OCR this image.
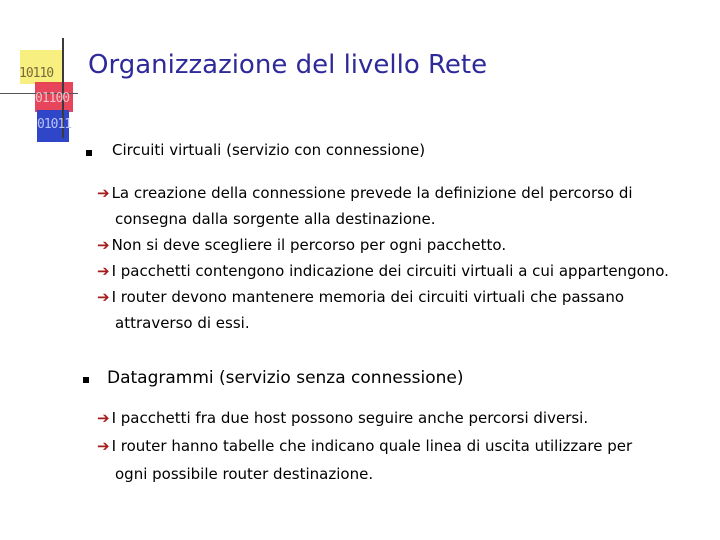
10110
01100
01011
Organizzazione del livello Rete
Circuiti virtuali (servizio con connessione)
➔ La creazione della connessione prevede la definizione del percorso di
consegna dalla sorgente alla destinazione.
➔ Non si deve scegliere il percorso per ogni pacchetto.
➔ I pacchetti contengono indicazione dei circuiti virtuali a cui appartengono.
➔ I router devono mantenere memoria dei circuiti virtuali che passano
attraverso di essi.
Datagrammi (servizio senza connessione)
➔ I pacchetti fra due host possono seguire anche percorsi diversi.
➔ I router hanno tabelle che indicano quale linea di uscita utilizzare per
ogni possibile router destinazione.
